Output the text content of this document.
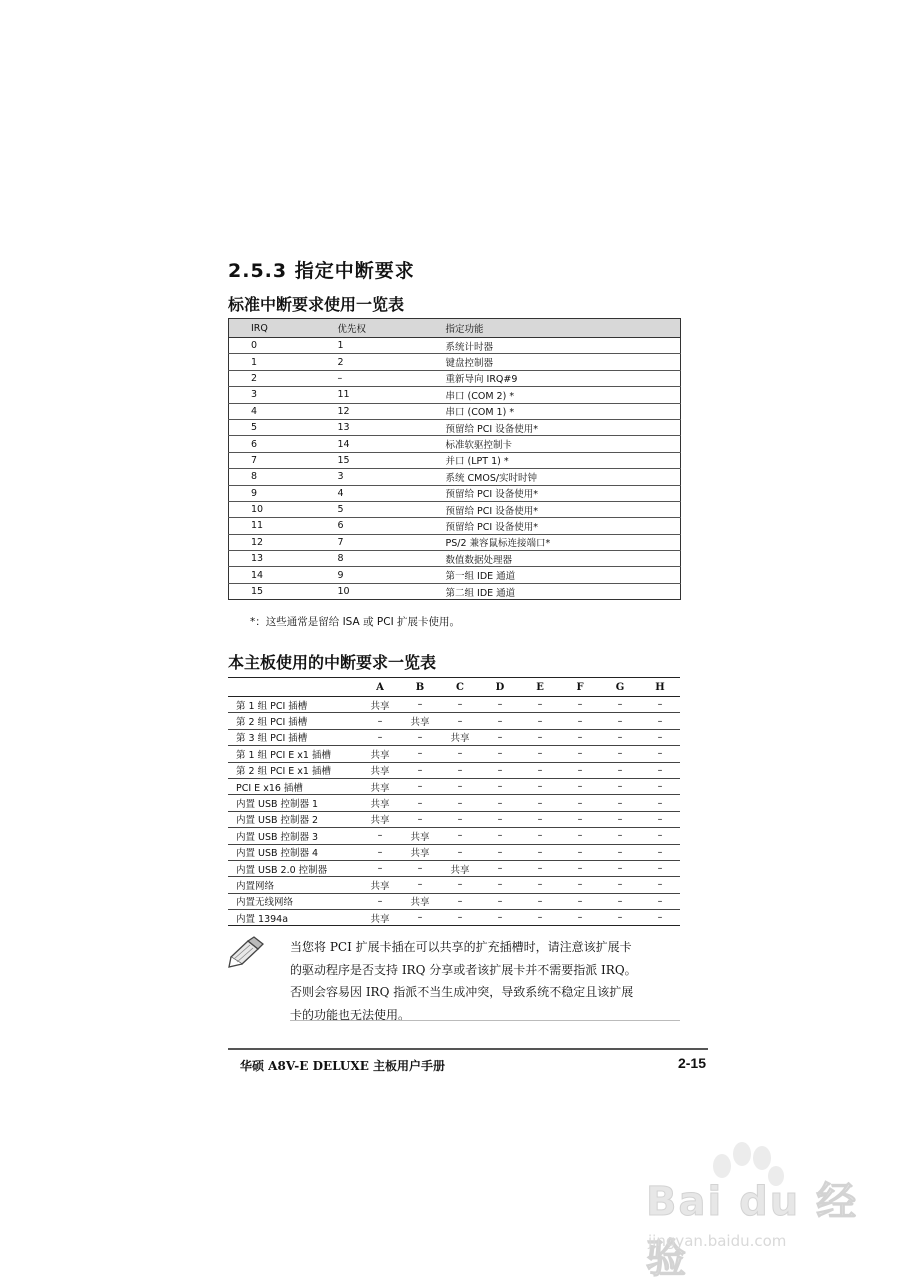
2.5.3 指定中断要求
标准中断要求使用一览表
IRQ	优先权	指定功能
0	1	系统计时器
1	2	键盘控制器
2	–	重新导向 IRQ#9
3	11	串口 (COM 2) *
4	12	串口 (COM 1) *
5	13	预留给 PCI 设备使用*
6	14	标准软驱控制卡
7	15	并口 (LPT 1) *
8	3	系统 CMOS/实时时钟
9	4	预留给 PCI 设备使用*
10	5	预留给 PCI 设备使用*
11	6	预留给 PCI 设备使用*
12	7	PS/2 兼容鼠标连接端口*
13	8	数值数据处理器
14	9	第一组 IDE 通道
15	10	第二组 IDE 通道

*：这些通常是留给 ISA 或 PCI 扩展卡使用。

本主板使用的中断要求一览表
	A	B	C	D	E	F	G	H
第 1 组 PCI 插槽	共享	–	–	–	–	–	–	–
第 2 组 PCI 插槽	–	共享	–	–	–	–	–	–
第 3 组 PCI 插槽	–	–	共享	–	–	–	–	–
第 1 组 PCI E x1 插槽	共享	–	–	–	–	–	–	–
第 2 组 PCI E x1 插槽	共享	–	–	–	–	–	–	–
PCI E x16 插槽	共享	–	–	–	–	–	–	–
内置 USB 控制器 1	共享	–	–	–	–	–	–	–
内置 USB 控制器 2	共享	–	–	–	–	–	–	–
内置 USB 控制器 3	–	共享	–	–	–	–	–	–
内置 USB 控制器 4	–	共享	–	–	–	–	–	–
内置 USB 2.0 控制器	–	–	共享	–	–	–	–	–
内置网络	共享	–	–	–	–	–	–	–
内置无线网络	–	共享	–	–	–	–	–	–
内置 1394a	共享	–	–	–	–	–	–	–
当您将 PCI 扩展卡插在可以共享的扩充插槽时，请注意该扩展卡
的驱动程序是否支持 IRQ 分享或者该扩展卡并不需要指派 IRQ。
否则会容易因 IRQ 指派不当生成冲突，导致系统不稳定且该扩展
卡的功能也无法使用。

华硕 A8V-E DELUXE 主板用户手册	2-15

Bai du 经验
jingyan.baidu.com
